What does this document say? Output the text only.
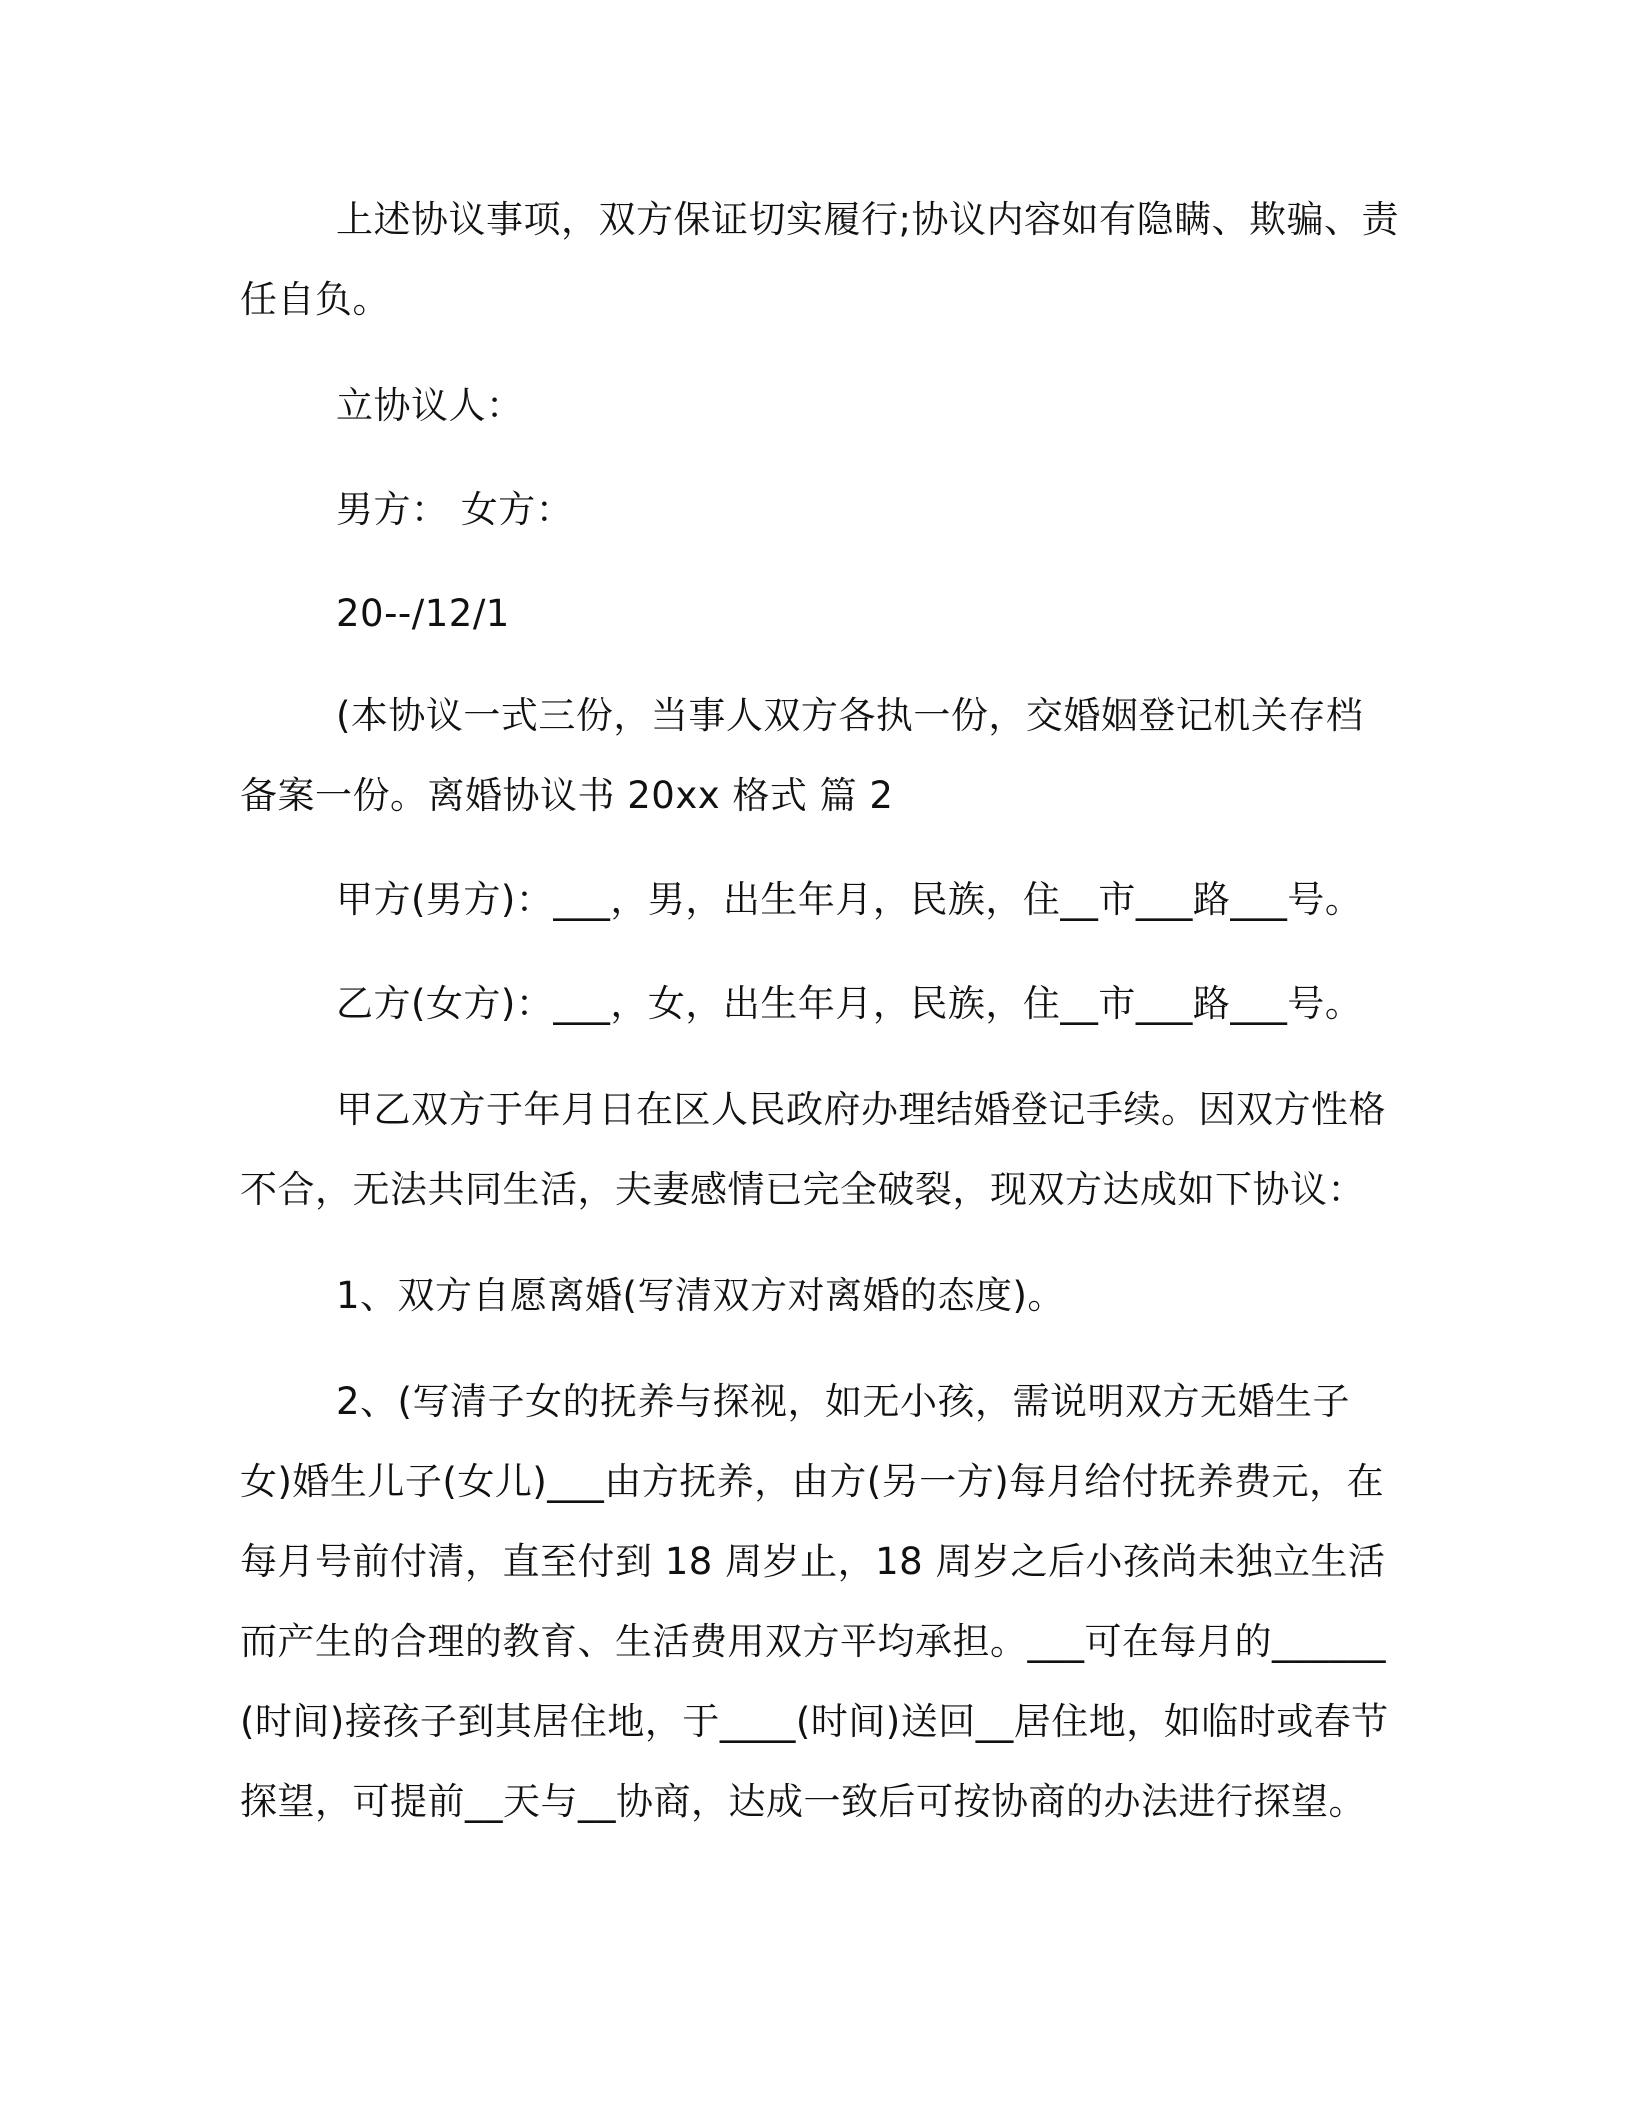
上述协议事项，双方保证切实履行;协议内容如有隐瞒、欺骗、责任自负。

立协议人：

男方： 女方：

20--/12/1

(本协议一式三份，当事人双方各执一份，交婚姻登记机关存档备案一份。离婚协议书 20xx 格式 篇 2

甲方(男方)：___，男，出生年月，民族，住__市___路___号。

乙方(女方)：___，女，出生年月，民族，住__市___路___号。

甲乙双方于年月日在区人民政府办理结婚登记手续。因双方性格不合，无法共同生活，夫妻感情已完全破裂，现双方达成如下协议：

1、双方自愿离婚(写清双方对离婚的态度)。

2、(写清子女的抚养与探视，如无小孩，需说明双方无婚生子女)婚生儿子(女儿)___由方抚养，由方(另一方)每月给付抚养费元，在每月号前付清，直至付到 18 周岁止，18 周岁之后小孩尚未独立生活而产生的合理的教育、生活费用双方平均承担。___可在每月的______(时间)接孩子到其居住地，于____(时间)送回__居住地，如临时或春节探望，可提前__天与__协商，达成一致后可按协商的办法进行探望。
